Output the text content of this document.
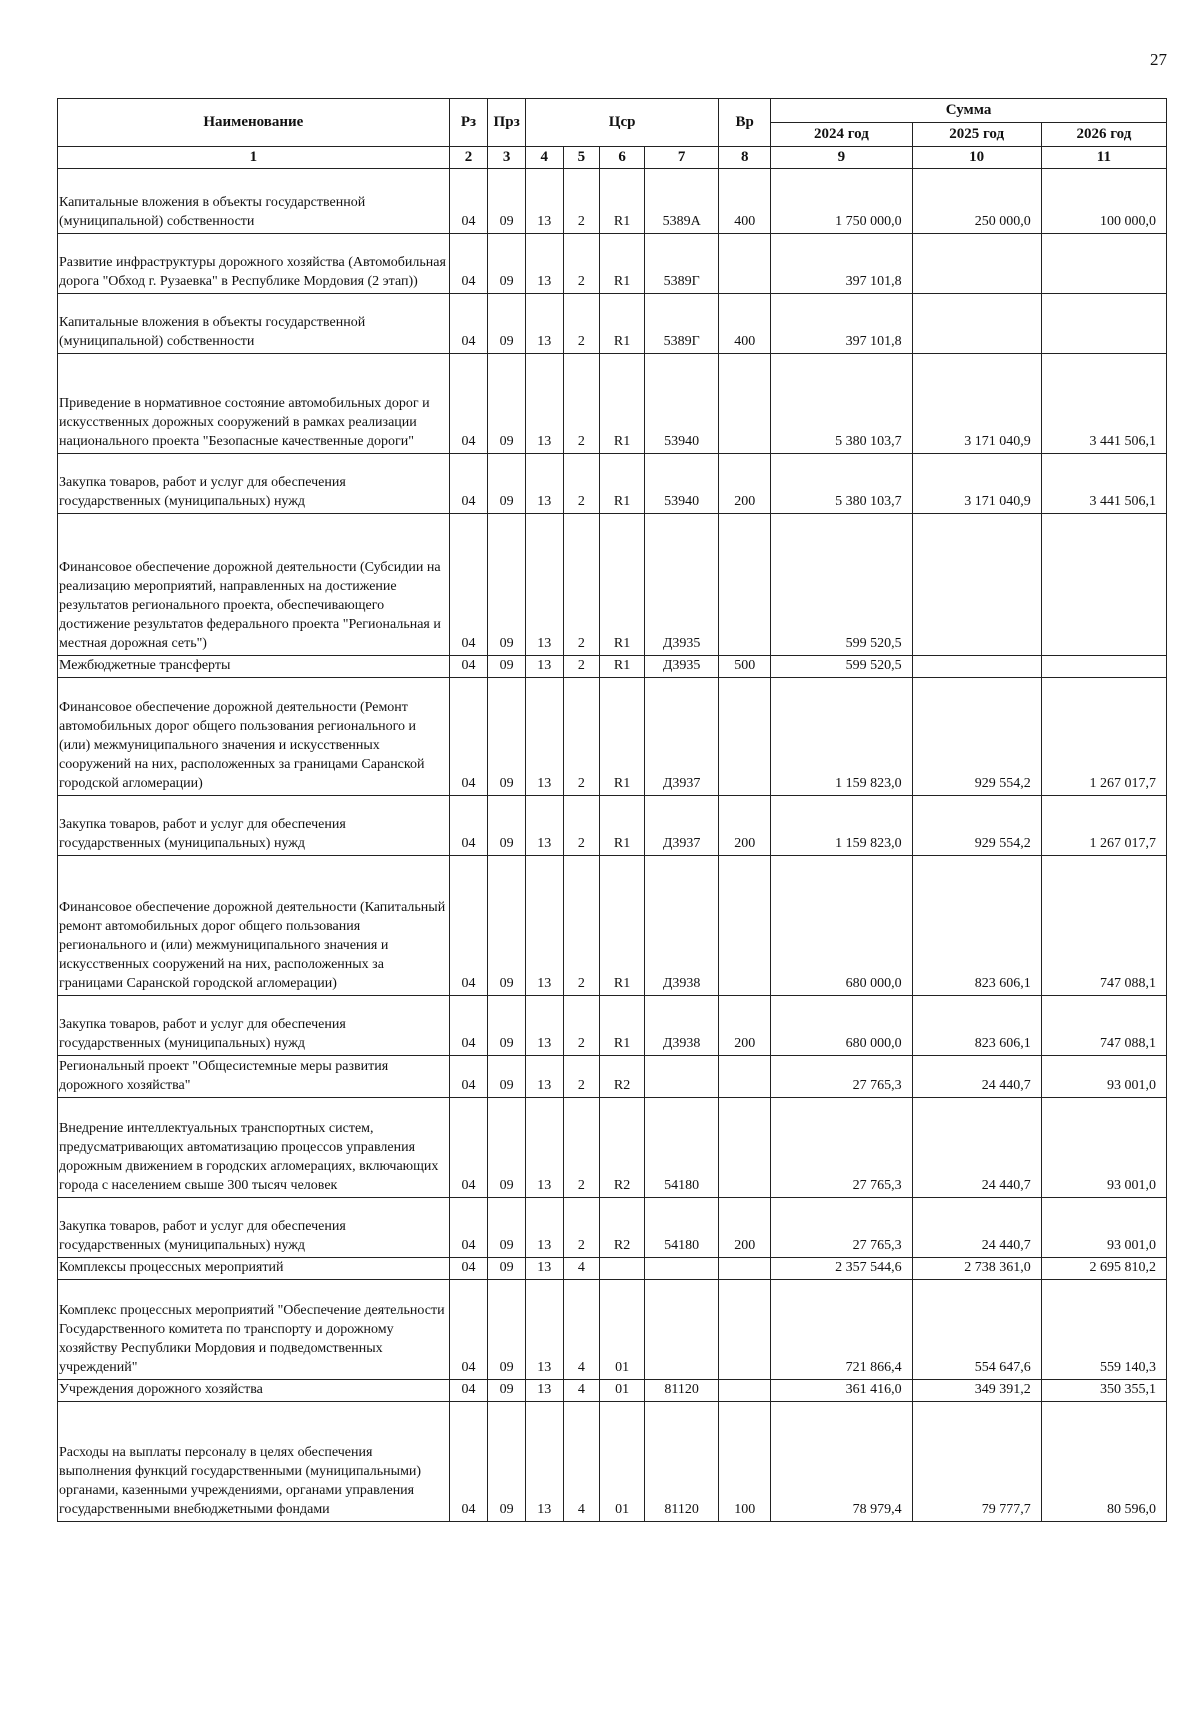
27
Наименование	Рз	Прз	Цср				Вр	Сумма		
								2024 год	2025 год	2026 год
1	2	3	4	5	6	7	8	9	10	11
Капитальные вложения в объекты государственной (муниципальной) собственности	04	09	13	2	R1	5389А	400	1 750 000,0	250 000,0	100 000,0
Развитие инфраструктуры дорожного хозяйства (Автомобильная дорога "Обход г. Рузаевка" в Республике Мордовия (2 этап))	04	09	13	2	R1	5389Г		397 101,8		
Капитальные вложения в объекты государственной (муниципальной) собственности	04	09	13	2	R1	5389Г	400	397 101,8		
Приведение в нормативное состояние автомобильных дорог и искусственных дорожных сооружений в рамках реализации национального проекта "Безопасные качественные дороги"	04	09	13	2	R1	53940		5 380 103,7	3 171 040,9	3 441 506,1
Закупка товаров, работ и услуг для обеспечения государственных (муниципальных) нужд	04	09	13	2	R1	53940	200	5 380 103,7	3 171 040,9	3 441 506,1
Финансовое обеспечение дорожной деятельности (Субсидии на реализацию мероприятий, направленных на достижение результатов регионального проекта, обеспечивающего достижение результатов федерального проекта "Региональная и местная дорожная сеть")	04	09	13	2	R1	Д3935		599 520,5		
Межбюджетные трансферты	04	09	13	2	R1	Д3935	500	599 520,5		
Финансовое обеспечение дорожной деятельности (Ремонт автомобильных дорог общего пользования регионального и (или) межмуниципального значения и искусственных сооружений на них, расположенных за границами Саранской городской агломерации)	04	09	13	2	R1	Д3937		1 159 823,0	929 554,2	1 267 017,7
Закупка товаров, работ и услуг для обеспечения государственных (муниципальных) нужд	04	09	13	2	R1	Д3937	200	1 159 823,0	929 554,2	1 267 017,7
Финансовое обеспечение дорожной деятельности (Капитальный ремонт автомобильных дорог общего пользования регионального и (или) межмуниципального значения и искусственных сооружений на них, расположенных за границами Саранской городской агломерации)	04	09	13	2	R1	Д3938		680 000,0	823 606,1	747 088,1
Закупка товаров, работ и услуг для обеспечения государственных (муниципальных) нужд	04	09	13	2	R1	Д3938	200	680 000,0	823 606,1	747 088,1
Региональный проект "Общесистемные меры развития дорожного хозяйства"	04	09	13	2	R2			27 765,3	24 440,7	93 001,0
Внедрение интеллектуальных транспортных систем, предусматривающих автоматизацию процессов управления дорожным движением в городских агломерациях, включающих города с населением свыше 300 тысяч человек	04	09	13	2	R2	54180		27 765,3	24 440,7	93 001,0
Закупка товаров, работ и услуг для обеспечения государственных (муниципальных) нужд	04	09	13	2	R2	54180	200	27 765,3	24 440,7	93 001,0
Комплексы процессных мероприятий	04	09	13	4				2 357 544,6	2 738 361,0	2 695 810,2
Комплекс процессных мероприятий "Обеспечение деятельности Государственного комитета по транспорту и дорожному хозяйству Республики Мордовия и подведомственных учреждений"	04	09	13	4	01			721 866,4	554 647,6	559 140,3
Учреждения дорожного хозяйства	04	09	13	4	01	81120		361 416,0	349 391,2	350 355,1
Расходы на выплаты персоналу в целях обеспечения выполнения функций государственными (муниципальными) органами, казенными учреждениями, органами управления государственными внебюджетными фондами	04	09	13	4	01	81120	100	78 979,4	79 777,7	80 596,0
